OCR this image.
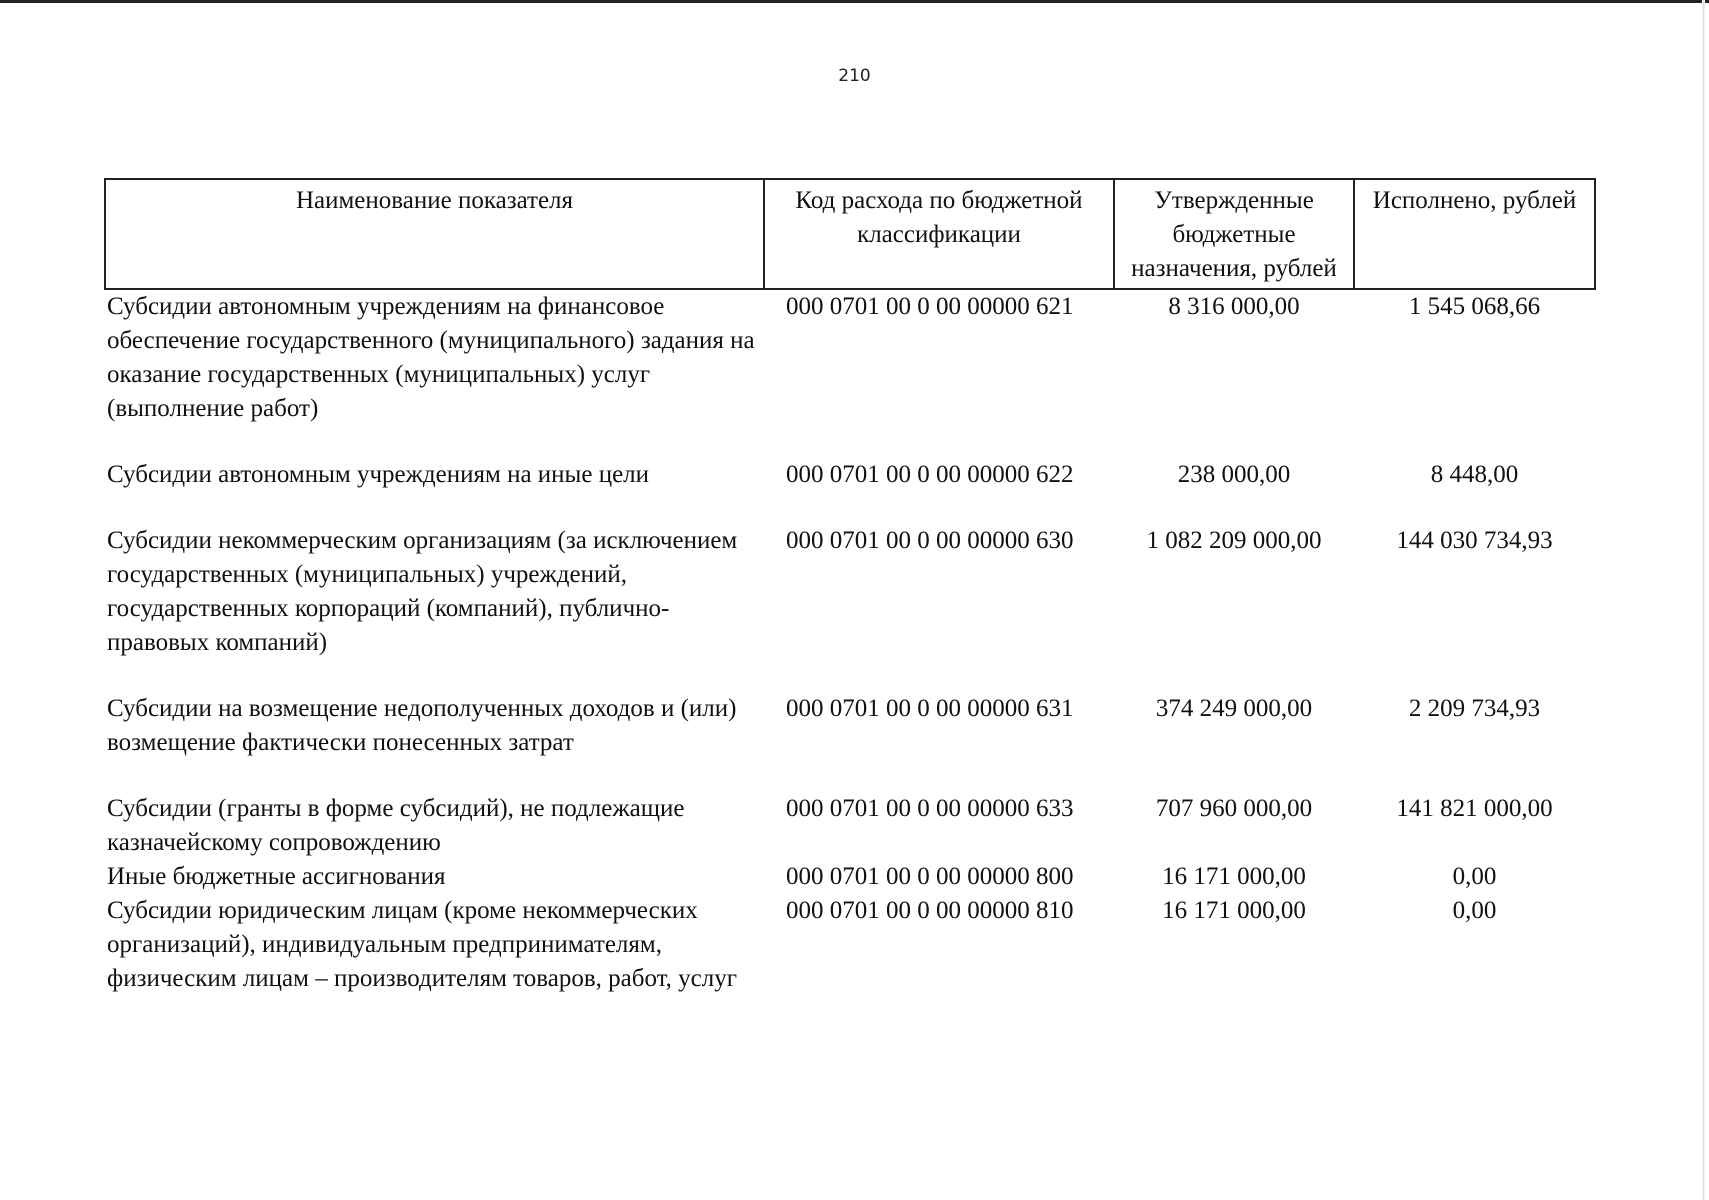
210
Наименование показателя	Код расхода по бюджетной классификации	Утвержденные бюджетные назначения, рублей	Исполнено, рублей
Субсидии автономным учреждениям на финансовое обеспечение государственного (муниципального) задания на оказание государственных (муниципальных) услуг (выполнение работ)	000 0701 00 0 00 00000 621	8 316 000,00	1 545 068,66
Субсидии автономным учреждениям на иные цели	000 0701 00 0 00 00000 622	238 000,00	8 448,00
Субсидии некоммерческим организациям (за исключением государственных (муниципальных) учреждений, государственных корпораций (компаний), публично-правовых компаний)	000 0701 00 0 00 00000 630	1 082 209 000,00	144 030 734,93
Субсидии на возмещение недополученных доходов и (или) возмещение фактически понесенных затрат	000 0701 00 0 00 00000 631	374 249 000,00	2 209 734,93
Субсидии (гранты в форме субсидий), не подлежащие казначейскому сопровождению	000 0701 00 0 00 00000 633	707 960 000,00	141 821 000,00
Иные бюджетные ассигнования	000 0701 00 0 00 00000 800	16 171 000,00	0,00
Субсидии юридическим лицам (кроме некоммерческих организаций), индивидуальным предпринимателям, физическим лицам – производителям товаров, работ, услуг	000 0701 00 0 00 00000 810	16 171 000,00	0,00
